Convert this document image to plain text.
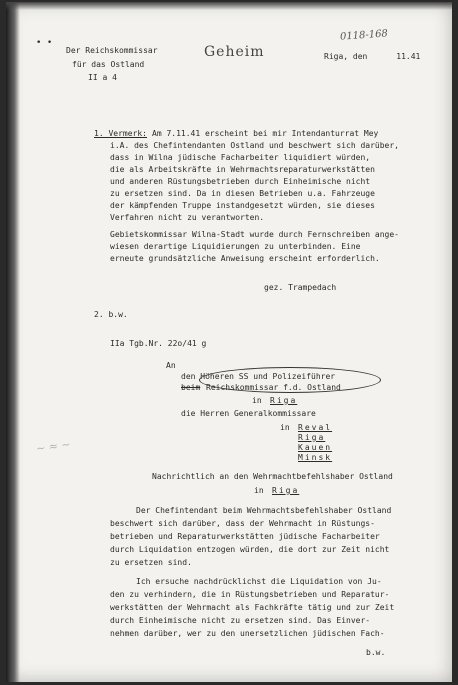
• •
0118-168
Der Reichskommissar
für das Ostland
II a 4
Geheim	Riga, den      11.41
1. Vermerk: Am 7.11.41 erscheint bei mir Intendanturrat Mey
i.A. des Chefintendanten Ostland und beschwert sich darüber,
dass in Wilna jüdische Facharbeiter liquidiert würden,
die als Arbeitskräfte in Wehrmachtsreparaturwerkstätten
und anderen Rüstungsbetrieben durch Einheimische nicht
zu ersetzen sind. Da in diesen Betrieben u.a. Fahrzeuge
der kämpfenden Truppe instandgesetzt würden, sie dieses
Verfahren nicht zu verantworten.
Gebietskommissar Wilna-Stadt wurde durch Fernschreiben ange-
wiesen derartige Liquidierungen zu unterbinden. Eine
erneute grundsätzliche Anweisung erscheint erforderlich.
gez. Trampedach
2. b.w.
IIa Tgb.Nr. 22o/41 g
An
den Höheren SS und Polizeiführer
beim Reichskommissar f.d. Ostland
in Riga
die Herren Generalkommissare
in Reval
Riga
Kauen
Minsk
~ ≈ ~
Nachrichtlich an den Wehrmachtbefehlshaber Ostland
in Riga
Der Chefintendant beim Wehrmachtsbefehlshaber Ostland
beschwert sich darüber, dass der Wehrmacht in Rüstungs-
betrieben und Reparaturwerkstätten jüdische Facharbeiter
durch Liquidation entzogen würden, die dort zur Zeit nicht
zu ersetzen sind.
Ich ersuche nachdrücklichst die Liquidation von Ju-
den zu verhindern, die in Rüstungsbetrieben und Reparatur-
werkstätten der Wehrmacht als Fachkräfte tätig und zur Zeit
durch Einheimische nicht zu ersetzen sind. Das Einver-
nehmen darüber, wer zu den unersetzlichen jüdischen Fach-
b.w.
